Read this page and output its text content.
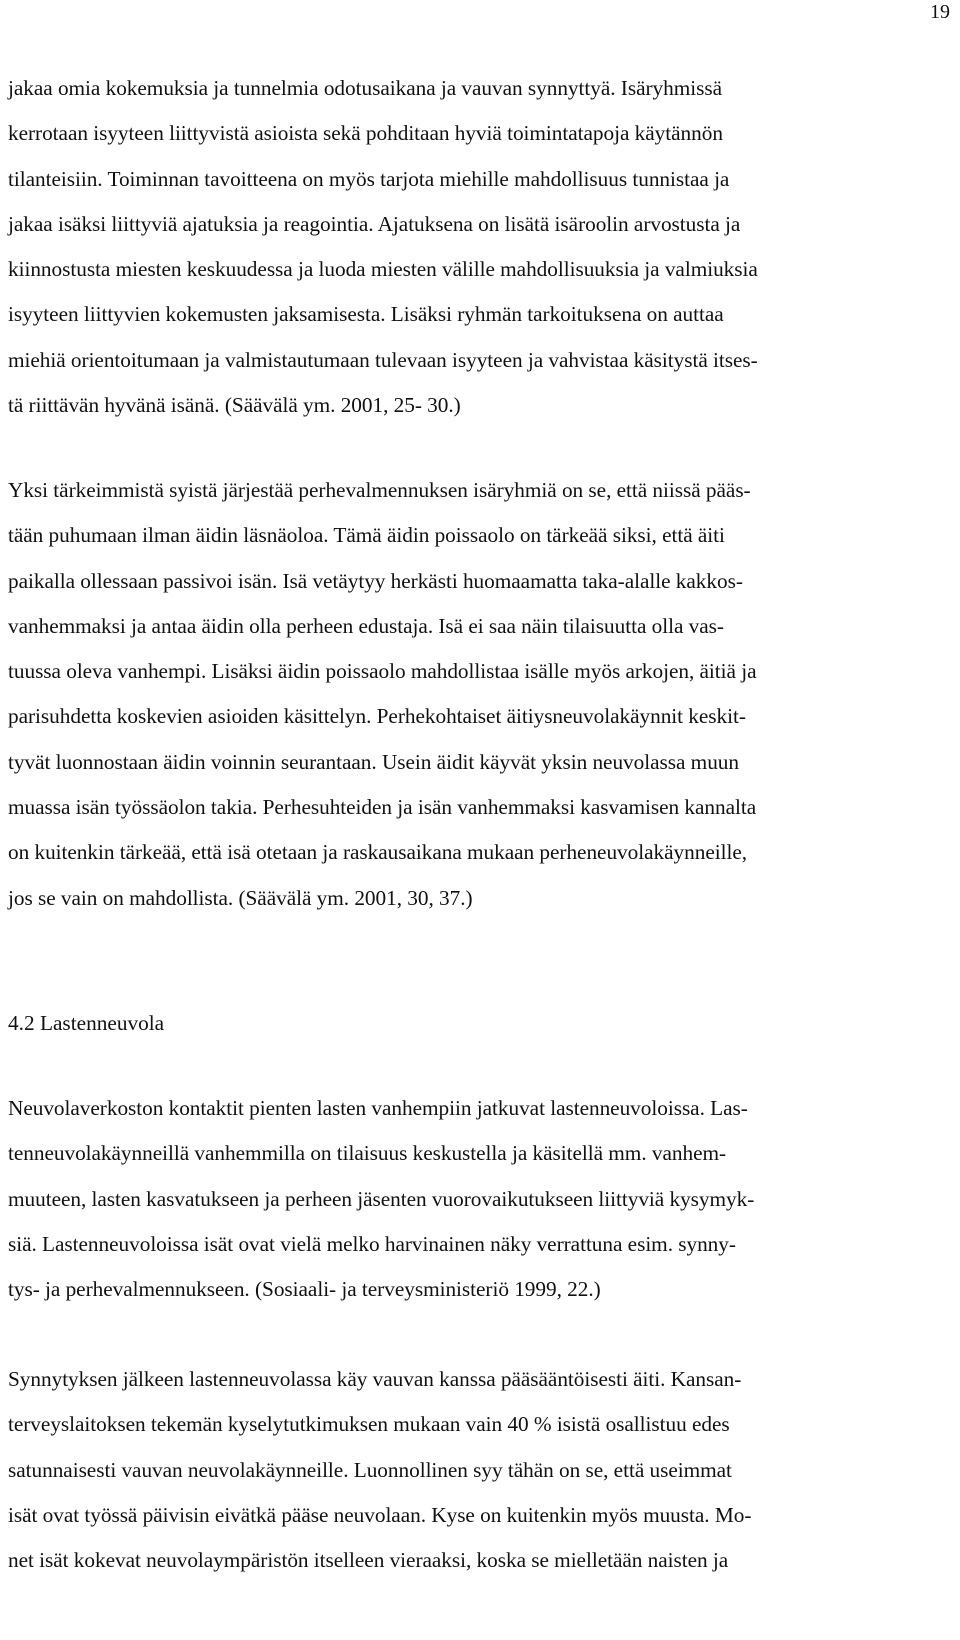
19
jakaa omia kokemuksia ja tunnelmia odotusaikana ja vauvan synnyttyä. Isäryhmissä
kerrotaan isyyteen liittyvistä asioista sekä pohditaan hyviä toimintatapoja käytännön
tilanteisiin. Toiminnan tavoitteena on myös tarjota miehille mahdollisuus tunnistaa ja
jakaa isäksi liittyviä ajatuksia ja reagointia. Ajatuksena on lisätä isäroolin arvostusta ja
kiinnostusta miesten keskuudessa ja luoda miesten välille mahdollisuuksia ja valmiuksia
isyyteen liittyvien kokemusten jaksamisesta. Lisäksi ryhmän tarkoituksena on auttaa
miehiä orientoitumaan ja valmistautumaan tulevaan isyyteen ja vahvistaa käsitystä itses-
tä riittävän hyvänä isänä. (Säävälä ym. 2001, 25- 30.)
Yksi tärkeimmistä syistä järjestää perhevalmennuksen isäryhmiä on se, että niissä pääs-
tään puhumaan ilman äidin läsnäoloa. Tämä äidin poissaolo on tärkeää siksi, että äiti
paikalla ollessaan passivoi isän. Isä vetäytyy herkästi huomaamatta taka-alalle kakkos-
vanhemmaksi ja antaa äidin olla perheen edustaja. Isä ei saa näin tilaisuutta olla vas-
tuussa oleva vanhempi. Lisäksi äidin poissaolo mahdollistaa isälle myös arkojen, äitiä ja
parisuhdetta koskevien asioiden käsittelyn. Perhekohtaiset äitiysneuvolakäynnit keskit-
tyvät luonnostaan äidin voinnin seurantaan. Usein äidit käyvät yksin neuvolassa muun
muassa isän työssäolon takia. Perhesuhteiden ja isän vanhemmaksi kasvamisen kannalta
on kuitenkin tärkeää, että isä otetaan ja raskausaikana mukaan perheneuvolakäynneille,
jos se vain on mahdollista. (Säävälä ym. 2001, 30, 37.)
4.2 Lastenneuvola
Neuvolaverkoston kontaktit pienten lasten vanhempiin jatkuvat lastenneuvoloissa. Las-
tenneuvolakäynneillä vanhemmilla on tilaisuus keskustella ja käsitellä mm. vanhem-
muuteen, lasten kasvatukseen ja perheen jäsenten vuorovaikutukseen liittyviä kysymyk-
siä. Lastenneuvoloissa isät ovat vielä melko harvinainen näky verrattuna esim. synny-
tys- ja perhevalmennukseen. (Sosiaali- ja terveysministeriö 1999, 22.)
Synnytyksen jälkeen lastenneuvolassa käy vauvan kanssa pääsääntöisesti äiti. Kansan-
terveyslaitoksen tekemän kyselytutkimuksen mukaan vain 40 % isistä osallistuu edes
satunnaisesti vauvan neuvolakäynneille. Luonnollinen syy tähän on se, että useimmat
isät ovat työssä päivisin eivätkä pääse neuvolaan. Kyse on kuitenkin myös muusta. Mo-
net isät kokevat neuvolaympäristön itselleen vieraaksi, koska se mielletään naisten ja
